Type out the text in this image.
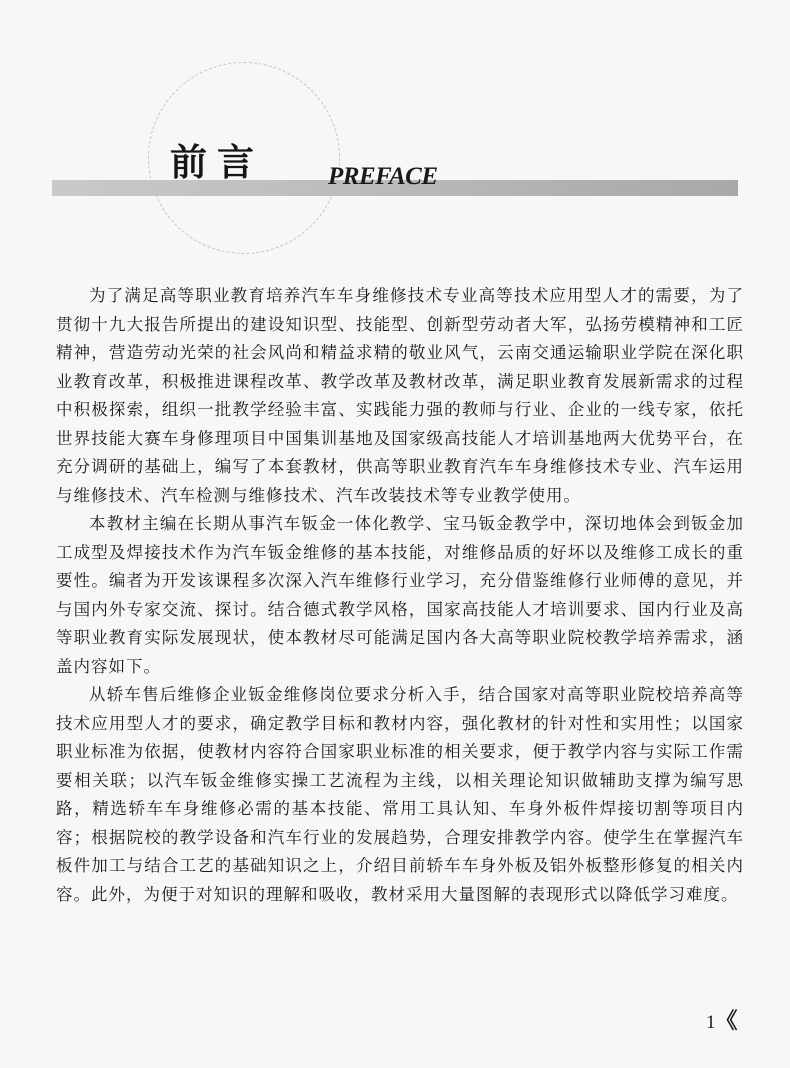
前言	PREFACE

为了满足高等职业教育培养汽车车身维修技术专业高等技术应用型人才的需要，为了贯彻十九大报告所提出的建设知识型、技能型、创新型劳动者大军，弘扬劳模精神和工匠精神，营造劳动光荣的社会风尚和精益求精的敬业风气，云南交通运输职业学院在深化职业教育改革，积极推进课程改革、教学改革及教材改革，满足职业教育发展新需求的过程中积极探索，组织一批教学经验丰富、实践能力强的教师与行业、企业的一线专家，依托世界技能大赛车身修理项目中国集训基地及国家级高技能人才培训基地两大优势平台，在充分调研的基础上，编写了本套教材，供高等职业教育汽车车身维修技术专业、汽车运用与维修技术、汽车检测与维修技术、汽车改装技术等专业教学使用。

本教材主编在长期从事汽车钣金一体化教学、宝马钣金教学中，深切地体会到钣金加工成型及焊接技术作为汽车钣金维修的基本技能，对维修品质的好坏以及维修工成长的重要性。编者为开发该课程多次深入汽车维修行业学习，充分借鉴维修行业师傅的意见，并与国内外专家交流、探讨。结合德式教学风格，国家高技能人才培训要求、国内行业及高等职业教育实际发展现状，使本教材尽可能满足国内各大高等职业院校教学培养需求，涵盖内容如下。

从轿车售后维修企业钣金维修岗位要求分析入手，结合国家对高等职业院校培养高等技术应用型人才的要求，确定教学目标和教材内容，强化教材的针对性和实用性；以国家职业标准为依据，使教材内容符合国家职业标准的相关要求，便于教学内容与实际工作需要相关联；以汽车钣金维修实操工艺流程为主线，以相关理论知识做辅助支撑为编写思路，精选轿车车身维修必需的基本技能、常用工具认知、车身外板件焊接切割等项目内容；根据院校的教学设备和汽车行业的发展趋势，合理安排教学内容。使学生在掌握汽车板件加工与结合工艺的基础知识之上，介绍目前轿车车身外板及铝外板整形修复的相关内容。此外，为便于对知识的理解和吸收，教材采用大量图解的表现形式以降低学习难度。

1《
